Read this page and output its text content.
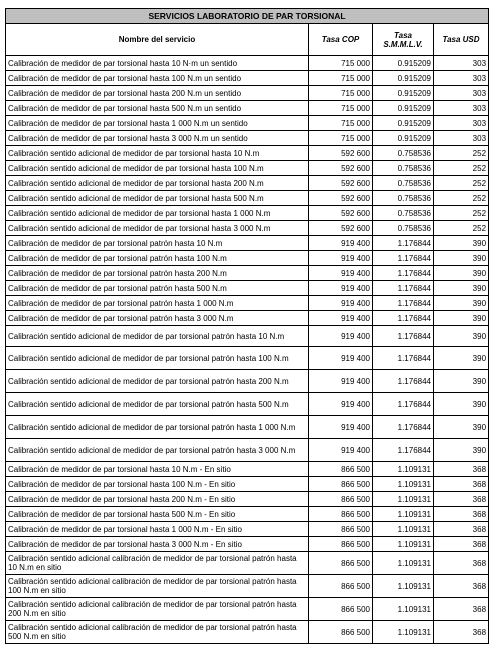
SERVICIOS LABORATORIO DE PAR TORSIONAL			
Nombre del servicio	Tasa COP	Tasa S.M.M.L.V.	Tasa USD
Calibración de medidor de par torsional hasta 10 N·m un sentido	715 000	0.915209	303
Calibración de medidor de par torsional hasta 100 N.m un sentido	715 000	0.915209	303
Calibración de medidor de par torsional hasta 200 N.m un sentido	715 000	0.915209	303
Calibración de medidor de par torsional hasta 500 N.m un sentido	715 000	0.915209	303
Calibración de medidor de par torsional hasta 1 000 N.m un sentido	715 000	0.915209	303
Calibración de medidor de par torsional hasta 3 000 N.m un sentido	715 000	0.915209	303
Calibración sentido adicional de medidor de par torsional hasta 10 N.m	592 600	0.758536	252
Calibración sentido adicional de medidor de par torsional hasta 100 N.m	592 600	0.758536	252
Calibración sentido adicional de medidor de par torsional hasta 200 N.m	592 600	0.758536	252
Calibración sentido adicional de medidor de par torsional hasta 500 N.m	592 600	0.758536	252
Calibración sentido adicional de medidor de par torsional hasta 1 000 N.m	592 600	0.758536	252
Calibración sentido adicional de medidor de par torsional hasta 3 000 N.m	592 600	0.758536	252
Calibración de medidor de par torsional patrón hasta 10 N.m	919 400	1.176844	390
Calibración de medidor de par torsional patrón hasta 100 N.m	919 400	1.176844	390
Calibración de medidor de par torsional patrón hasta 200 N.m	919 400	1.176844	390
Calibración de medidor de par torsional patrón hasta 500 N.m	919 400	1.176844	390
Calibración de medidor de par torsional patrón hasta 1 000 N.m	919 400	1.176844	390
Calibración de medidor de par torsional patrón hasta 3 000 N.m	919 400	1.176844	390
Calibración sentido adicional de medidor de par torsional patrón hasta 10 N.m	919 400	1.176844	390
Calibración sentido adicional de medidor de par torsional patrón hasta 100 N.m	919 400	1.176844	390
Calibración sentido adicional de medidor de par torsional patrón hasta 200 N.m	919 400	1.176844	390
Calibración sentido adicional de medidor de par torsional patrón hasta 500 N.m	919 400	1.176844	390
Calibración sentido adicional de medidor de par torsional patrón hasta 1 000 N.m	919 400	1.176844	390
Calibración sentido adicional de medidor de par torsional patrón hasta 3 000 N.m	919 400	1.176844	390
Calibración de medidor de par torsional hasta 10 N.m - En sitio	866 500	1.109131	368
Calibración de medidor de par torsional hasta 100 N.m - En sitio	866 500	1.109131	368
Calibración de medidor de par torsional hasta 200 N.m - En sitio	866 500	1.109131	368
Calibración de medidor de par torsional hasta 500 N.m - En sitio	866 500	1.109131	368
Calibración de medidor de par torsional hasta 1 000 N.m - En sitio	866 500	1.109131	368
Calibración de medidor de par torsional hasta 3 000 N.m - En sitio	866 500	1.109131	368
Calibración sentido adicional calibración de medidor de par torsional patrón hasta 10 N.m en sitio	866 500	1.109131	368
Calibración sentido adicional calibración de medidor de par torsional patrón hasta 100 N.m en sitio	866 500	1.109131	368
Calibración sentido adicional calibración de medidor de par torsional patrón hasta 200 N.m en sitio	866 500	1.109131	368
Calibración sentido adicional calibración de medidor de par torsional patrón hasta 500 N.m en sitio	866 500	1.109131	368
